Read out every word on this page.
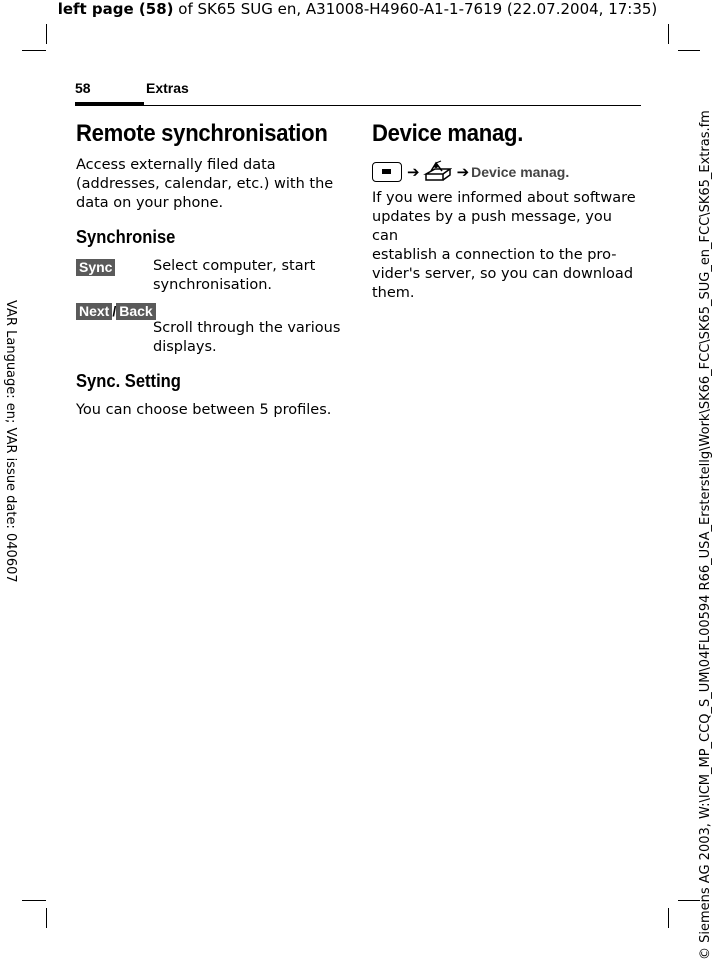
left page (58) of SK65 SUG en, A31008-H4960-A1-1-7619 (22.07.2004, 17:35)
VAR Language: en; VAR issue date: 040607	© Siemens AG 2003, W:\ICM_MP_CCQ_S_UM\04FL00594 R66_USA_Ersterstellg\Work\SK66_FCC\SK65_SUG_en_FCC\SK65_Extras.fm
58	Extras
Remote synchronisation
Access externally filed data
(addresses, calendar, etc.) with the
data on your phone.
Synchronise
Sync	Select computer, start
synchronisation.
Next / Back
Scroll through the various
displays.
Sync. Setting
You can choose between 5 profiles.
Device manag.
➔ ➔ Device manag.
If you were informed about software
updates by a push message, you can
establish a connection to the pro-
vider's server, so you can download
them.
